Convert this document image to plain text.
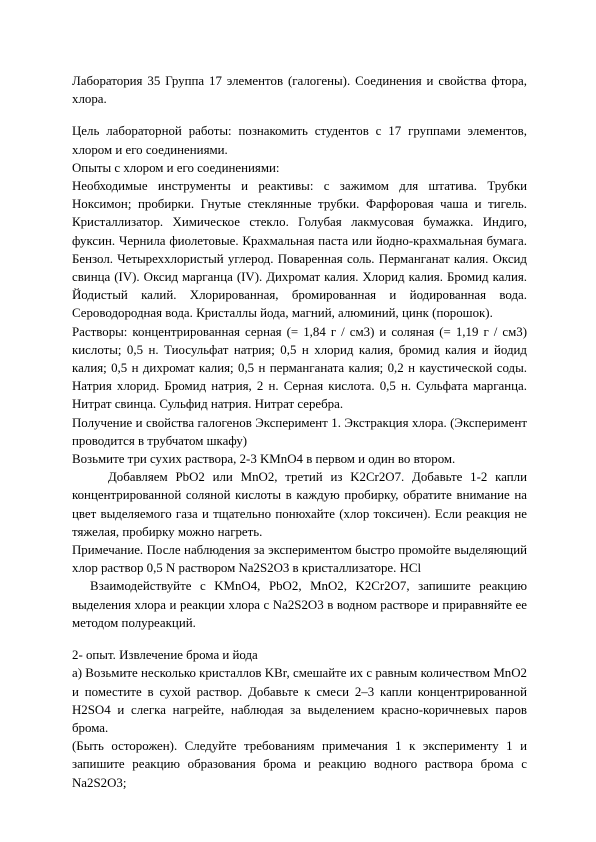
Лаборатория 35 Группа 17 элементов (галогены). Соединения и свойства фтора, хлора.

Цель лабораторной работы: познакомить студентов с 17 группами элементов, хлором и его соединениями.

Опыты с хлором и его соединениями:

Необходимые инструменты и реактивы: с зажимом для штатива. Трубки Ноксимон; пробирки. Гнутые стеклянные трубки. Фарфоровая чаша и тигель. Кристаллизатор. Химическое стекло. Голубая лакмусовая бумажка. Индиго, фуксин. Чернила фиолетовые. Крахмальная паста или йодно-крахмальная бумага. Бензол. Четыреххлористый углерод. Поваренная соль. Перманганат калия. Оксид свинца (IV). Оксид марганца (IV). Дихромат калия. Хлорид калия. Бромид калия. Йодистый калий. Хлорированная, бромированная и йодированная вода. Сероводородная вода. Кристаллы йода, магний, алюминий, цинк (порошок).

Растворы: концентрированная серная (= 1,84 г / см3) и соляная (= 1,19 г / см3) кислоты; 0,5 н. Тиосульфат натрия; 0,5 н хлорид калия, бромид калия и йодид калия; 0,5 н дихромат калия; 0,5 н перманганата калия; 0,2 н каустической соды. Натрия хлорид. Бромид натрия, 2 н. Серная кислота. 0,5 н. Сульфата марганца. Нитрат свинца. Сульфид натрия. Нитрат серебра.

Получение и свойства галогенов Эксперимент 1. Экстракция хлора. (Эксперимент проводится в трубчатом шкафу)

Возьмите три сухих раствора, 2-3 KMnO4 в первом и один во втором.

Добавляем PbO2 или MnO2, третий из K2Cr2O7. Добавьте 1-2 капли концентрированной соляной кислоты в каждую пробирку, обратите внимание на цвет выделяемого газа и тщательно понюхайте (хлор токсичен). Если реакция не тяжелая, пробирку можно нагреть.

Примечание. После наблюдения за экспериментом быстро промойте выделяющий хлор раствор 0,5 N раствором Na2S2O3 в кристаллизаторе. HCl

Взаимодействуйте с KMnO4, PbO2, MnO2, K2Cr2O7, запишите реакцию выделения хлора и реакции хлора с Na2S2O3 в водном растворе и приравняйте ее методом полуреакций.

2- опыт. Извлечение брома и йода

а) Возьмите несколько кристаллов KBr, смешайте их с равным количеством MnO2 и поместите в сухой раствор. Добавьте к смеси 2–3 капли концентрированной H2SO4 и слегка нагрейте, наблюдая за выделением красно-коричневых паров брома.

(Быть осторожен). Следуйте требованиям примечания 1 к эксперименту 1 и запишите реакцию образования брома и реакцию водного раствора брома с Na2S2O3;
